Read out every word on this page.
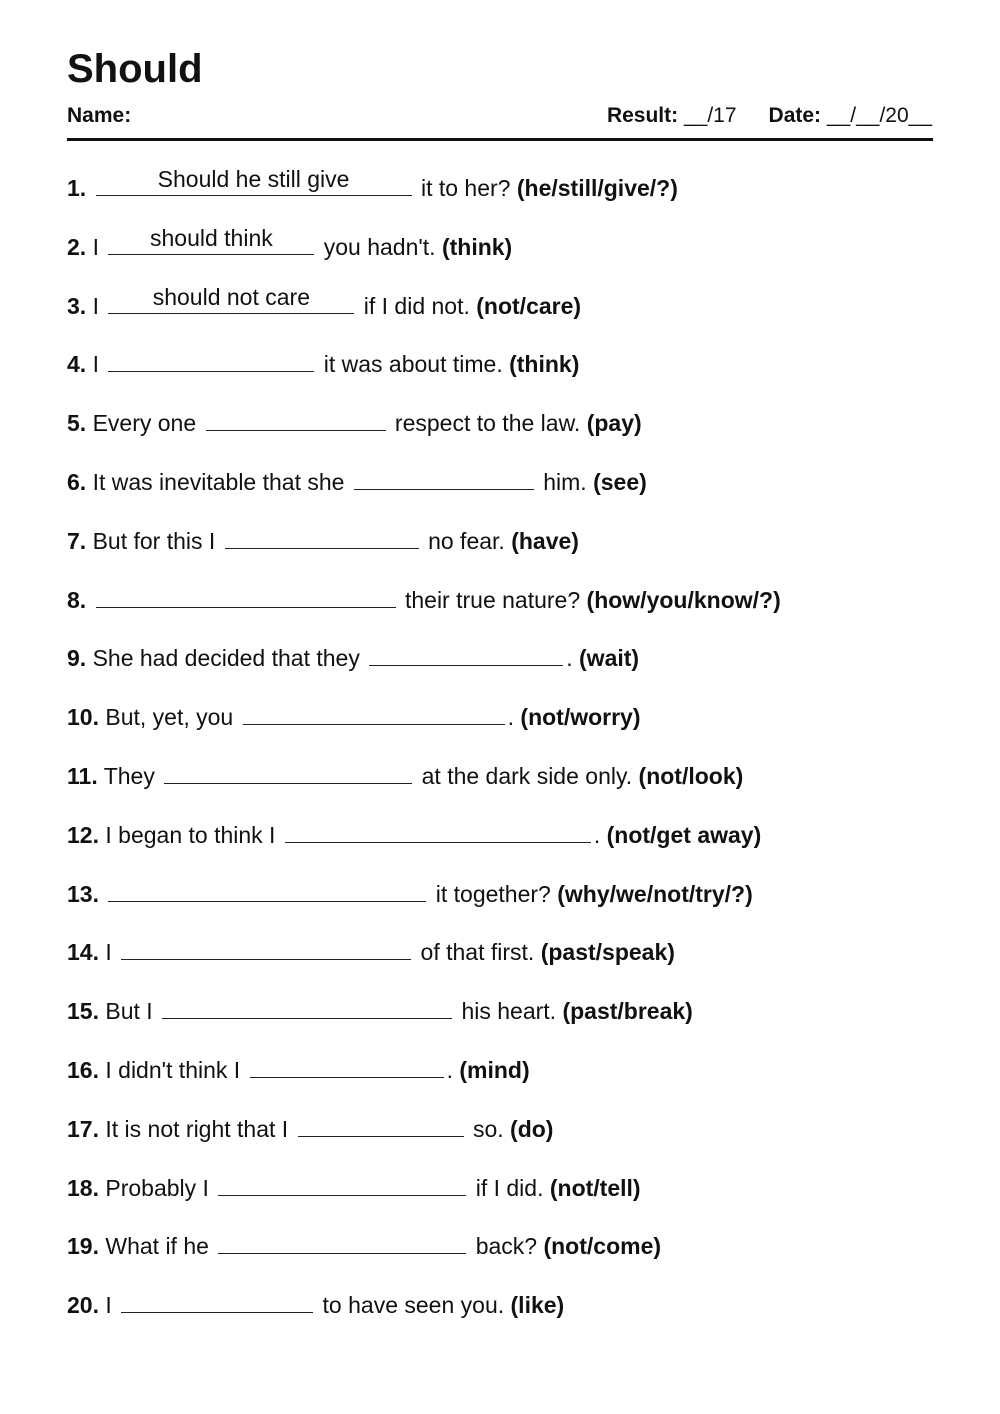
Should
Name:	Result: __/17 Date: __/__/20__
1.	Should he still give	it to her? (he/still/give/?)
2. I	should think	you hadn't. (think)
3. I	should not care	if I did not. (not/care)
4. I	it was about time. (think)
5. Every one	respect to the law. (pay)
6. It was inevitable that she	him. (see)
7. But for this I	no fear. (have)
8.	their true nature? (how/you/know/?)
9. She had decided that they	. (wait)
10. But, yet, you	. (not/worry)
11. They	at the dark side only. (not/look)
12. I began to think I	. (not/get away)
13.	it together? (why/we/not/try/?)
14. I	of that first. (past/speak)
15. But I	his heart. (past/break)
16. I didn't think I	. (mind)
17. It is not right that I	so. (do)
18. Probably I	if I did. (not/tell)
19. What if he	back? (not/come)
20. I	to have seen you. (like)
